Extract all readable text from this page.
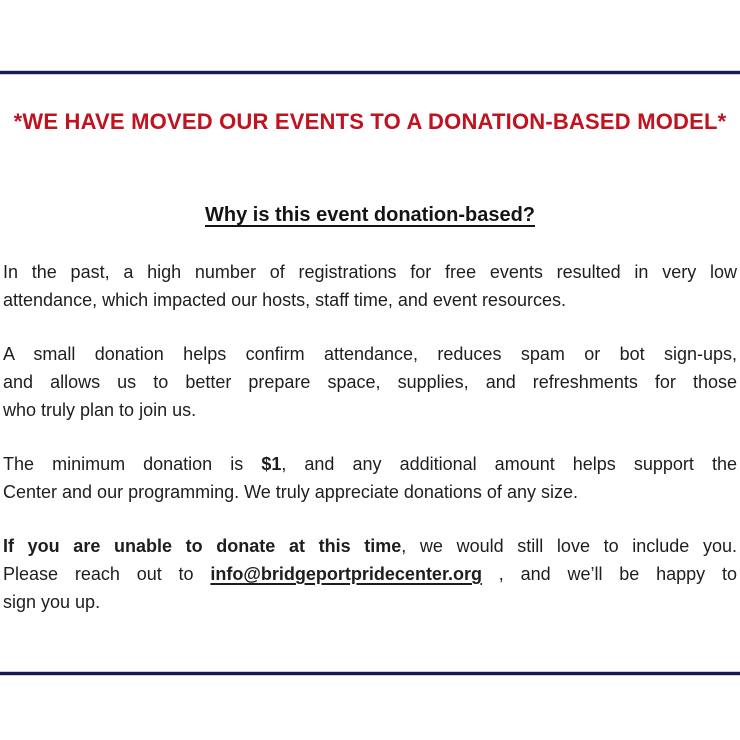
*WE HAVE MOVED OUR EVENTS TO A DONATION-BASED MODEL*
Why is this event donation-based?

In the past, a high number of registrations for free events resulted in very low
attendance, which impacted our hosts, staff time, and event resources.

A small donation helps confirm attendance, reduces spam or bot sign-ups,
and allows us to better prepare space, supplies, and refreshments for those
who truly plan to join us.

The minimum donation is $1, and any additional amount helps support the
Center and our programming. We truly appreciate donations of any size.

If you are unable to donate at this time, we would still love to include you.
Please reach out to info@bridgeportpridecenter.org , and we’ll be happy to
sign you up.
